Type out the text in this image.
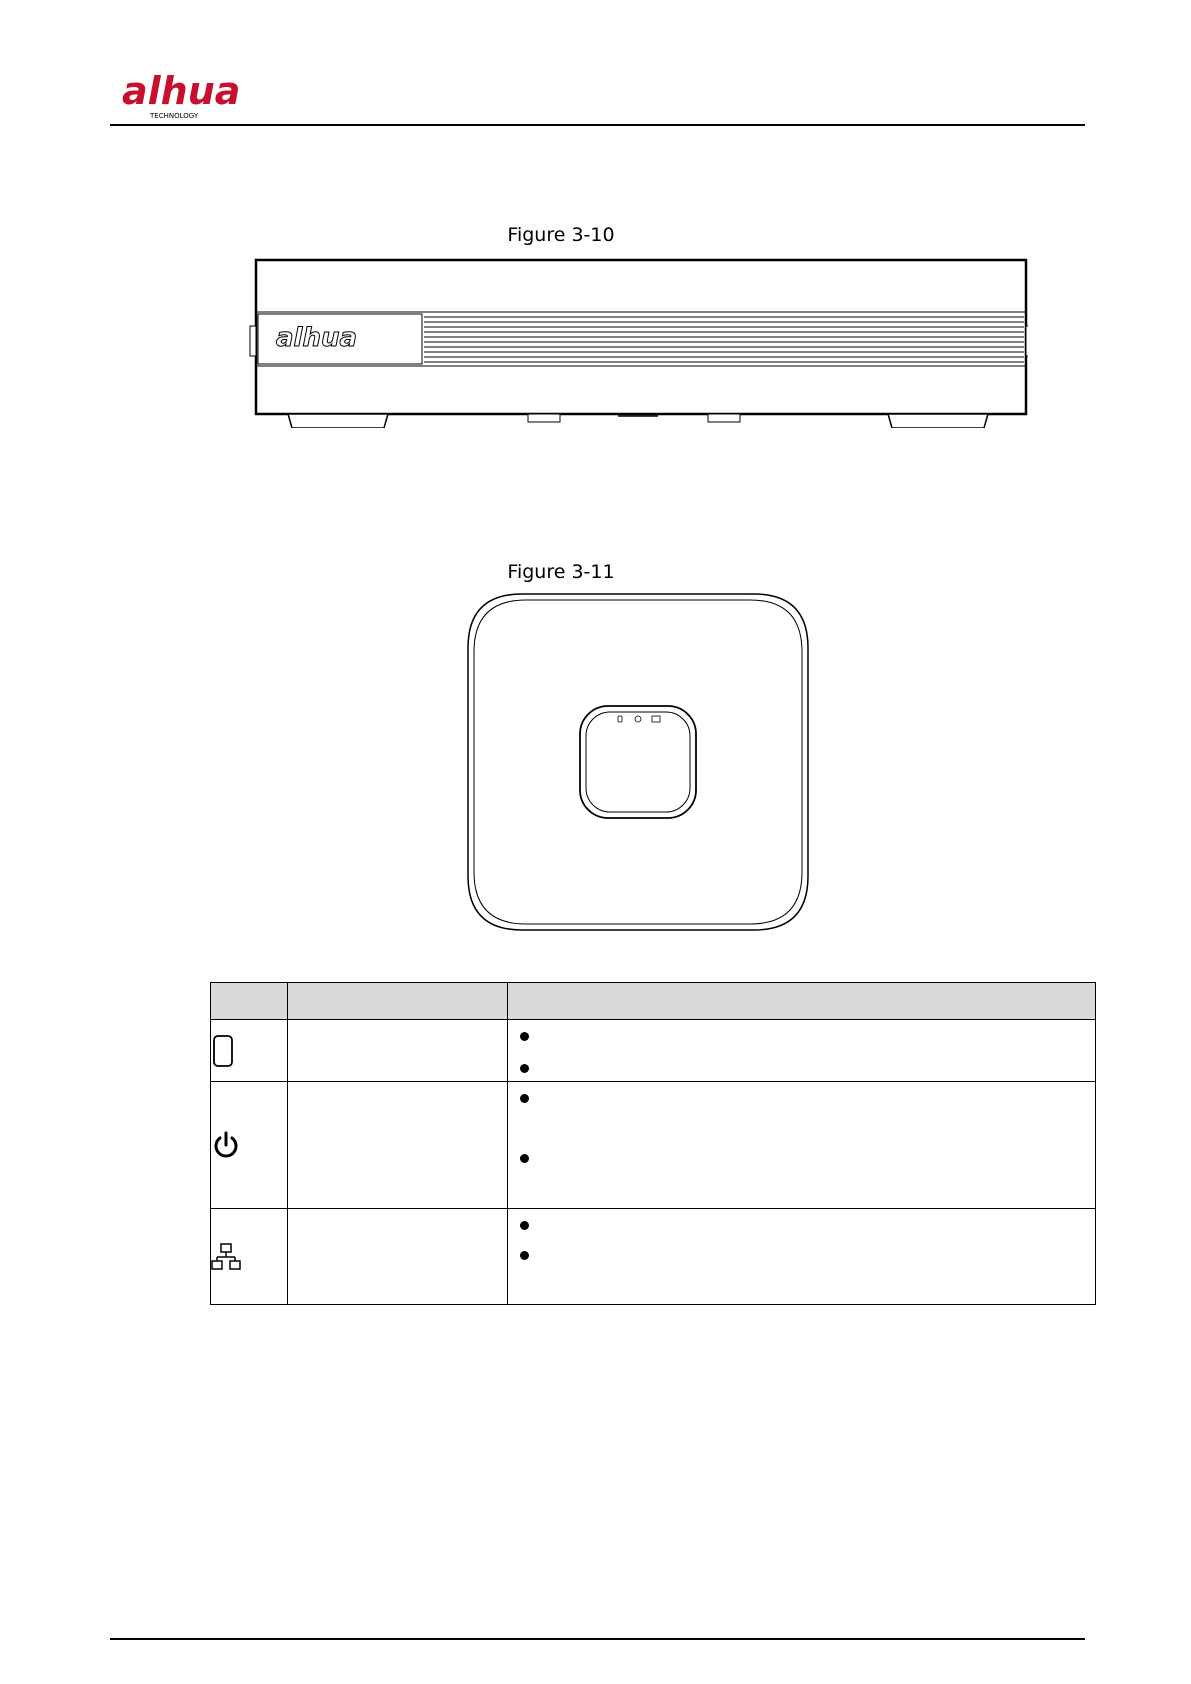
alhua
TECHNOLOGY
Figure 3-10
alhua
Figure 3-11
